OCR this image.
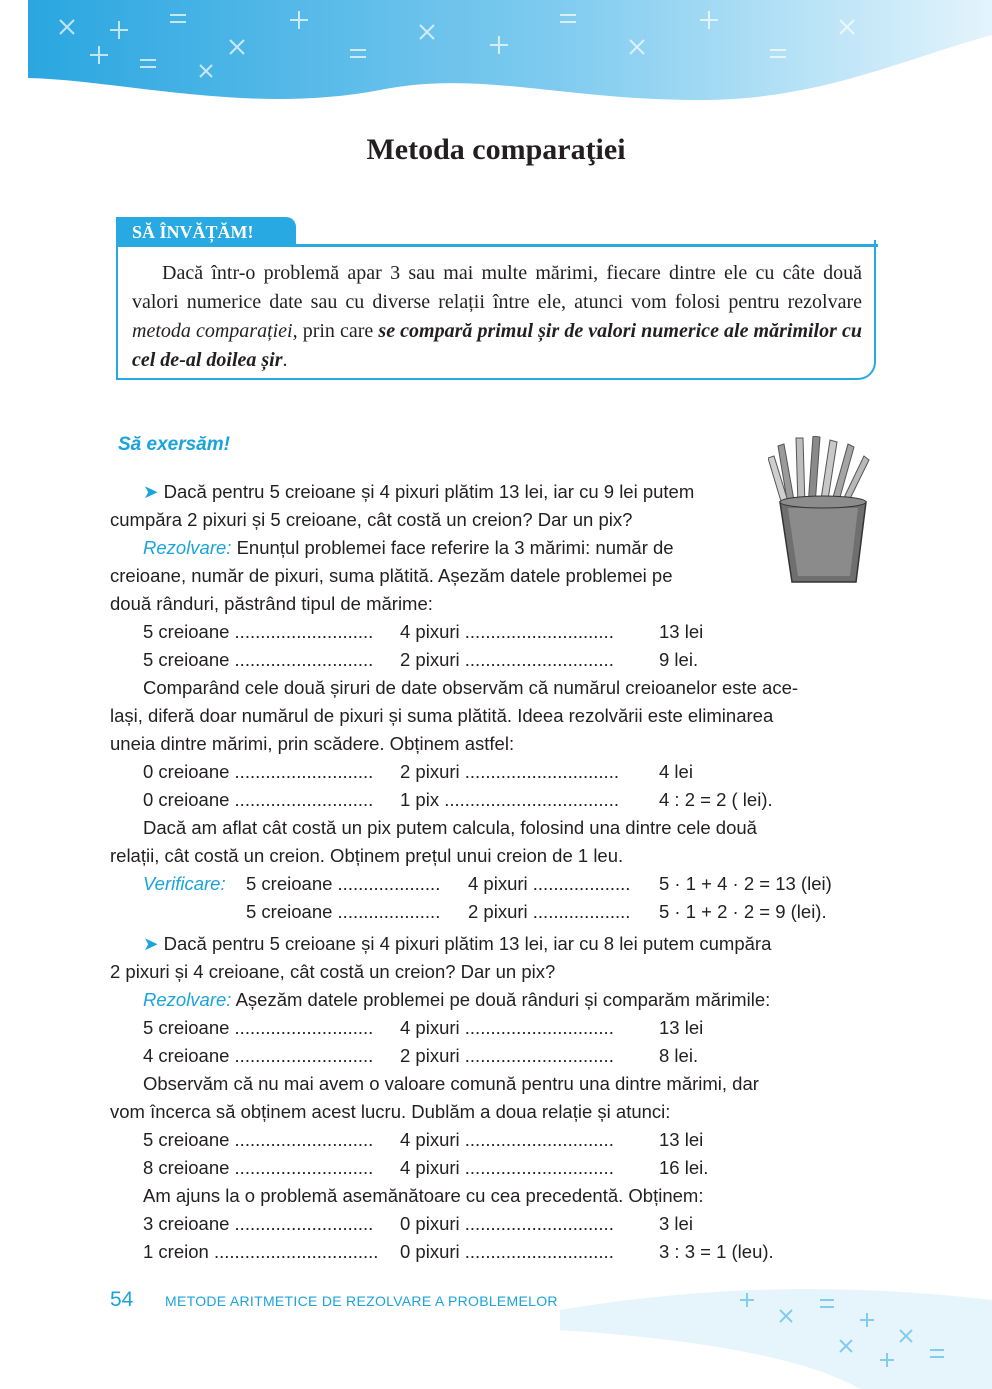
Metoda comparaţiei
SĂ ÎNVĂȚĂM!

Dacă într-o problemă apar 3 sau mai multe mărimi, fiecare dintre ele cu câte două valori numerice date sau cu diverse relații între ele, atunci vom folosi pentru rezolvare metoda comparației, prin care se compară primul șir de valori numerice ale mărimilor cu cel de-al doilea șir.

Să exersăm!
➤ Dacă pentru 5 creioane și 4 pixuri plătim 13 lei, iar cu 9 lei putem
cumpăra 2 pixuri și 5 creioane, cât costă un creion? Dar un pix?
Rezolvare: Enunțul problemei face referire la 3 mărimi: număr de
creioane, număr de pixuri, suma plătită. Așezăm datele problemei pe
două rânduri, păstrând tipul de mărime:
5 creioane ........................... 4 pixuri ............................. 13 lei
5 creioane ........................... 2 pixuri ............................. 9 lei.
Comparând cele două șiruri de date observăm că numărul creioanelor este ace-
lași, diferă doar numărul de pixuri și suma plătită. Ideea rezolvării este eliminarea
uneia dintre mărimi, prin scădere. Obținem astfel:
0 creioane ........................... 2 pixuri .............................. 4 lei
0 creioane ........................... 1 pix .................................. 4 : 2 = 2 ( lei).
Dacă am aflat cât costă un pix putem calcula, folosind una dintre cele două
relații, cât costă un creion. Obținem prețul unui creion de 1 leu.
Verificare: 5 creioane .................... 4 pixuri ................... 5 · 1 + 4 · 2 = 13 (lei)
5 creioane .................... 2 pixuri ................... 5 · 1 + 2 · 2 = 9 (lei).
➤ Dacă pentru 5 creioane și 4 pixuri plătim 13 lei, iar cu 8 lei putem cumpăra
2 pixuri și 4 creioane, cât costă un creion? Dar un pix?
Rezolvare: Așezăm datele problemei pe două rânduri și comparăm mărimile:
5 creioane ........................... 4 pixuri ............................. 13 lei
4 creioane ........................... 2 pixuri ............................. 8 lei.
Observăm că nu mai avem o valoare comună pentru una dintre mărimi, dar
vom încerca să obținem acest lucru. Dublăm a doua relație și atunci:
5 creioane ........................... 4 pixuri ............................. 13 lei
8 creioane ........................... 4 pixuri ............................. 16 lei.
Am ajuns la o problemă asemănătoare cu cea precedentă. Obținem:
3 creioane ........................... 0 pixuri ............................. 3 lei
1 creion ................................ 0 pixuri ............................. 3 : 3 = 1 (leu).
54 METODE ARITMETICE DE REZOLVARE A PROBLEMELOR
